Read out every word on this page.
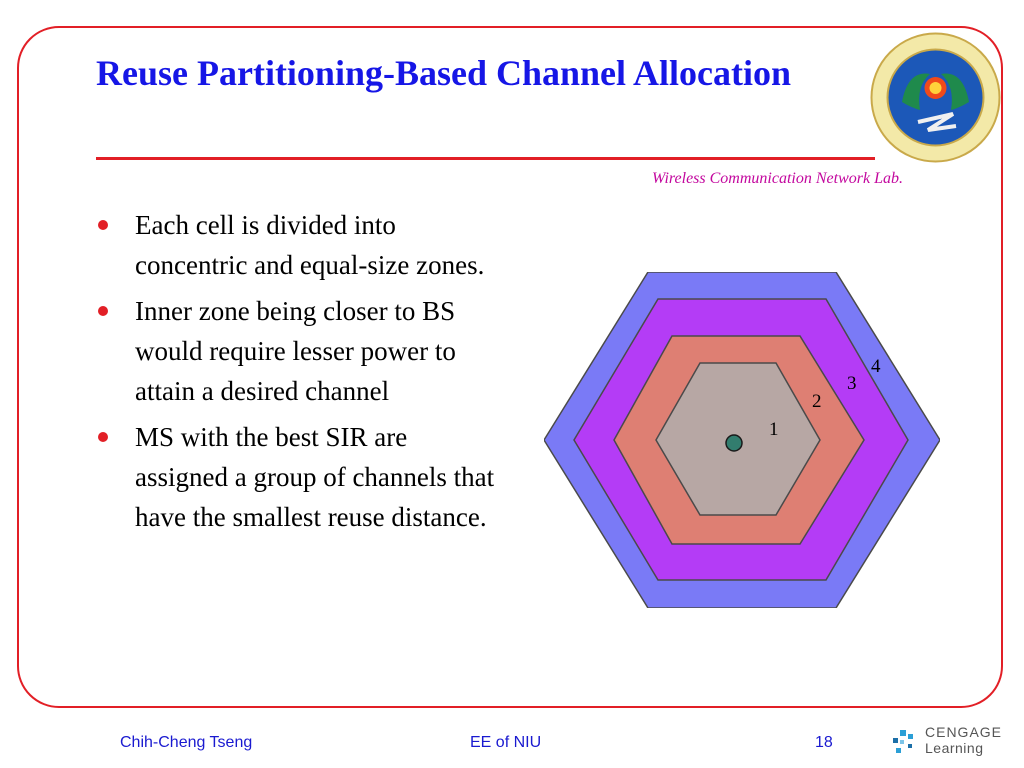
Reuse Partitioning-Based Channel Allocation
Wireless Communication Network Lab.
Each cell is divided into concentric and equal-size zones.
Inner zone being closer to BS would require lesser power to attain a desired channel
MS with the best SIR are assigned a group of channels that have the smallest reuse distance.
1
2
3
4
Chih-Cheng Tseng	EE of NIU	18
CENGAGE
Learning
